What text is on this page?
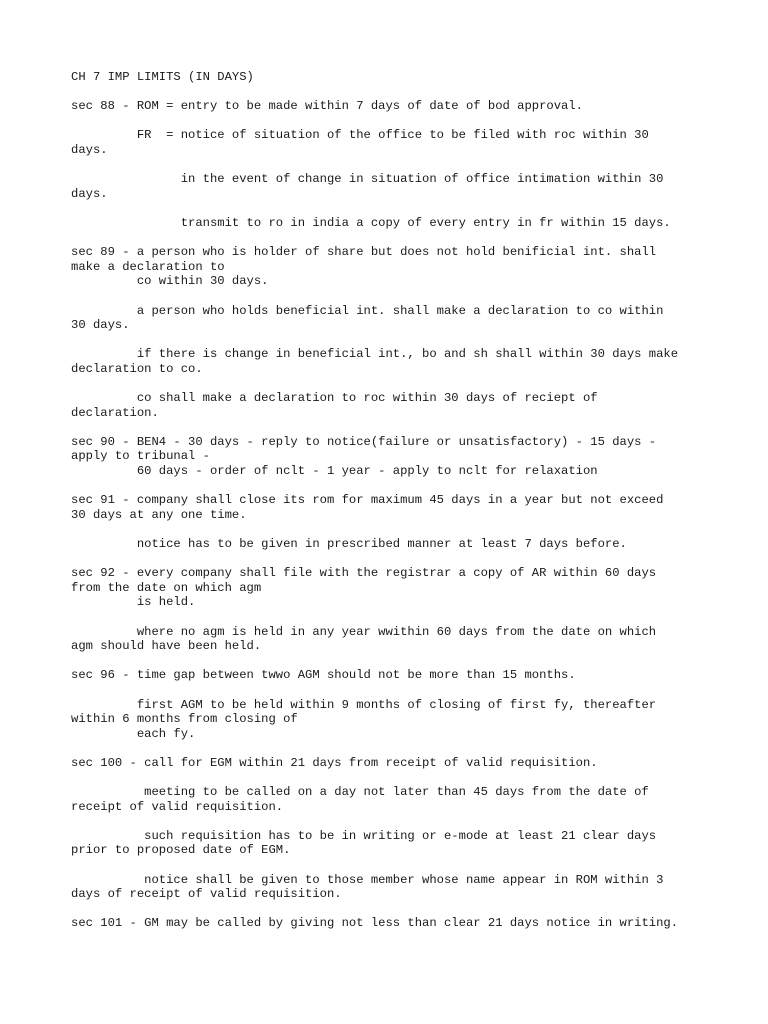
CH 7 IMP LIMITS (IN DAYS)
sec 88 - ROM = entry to be made within 7 days of date of bod approval.
FR  = notice of situation of the office to be filed with roc within 30
days.
in the event of change in situation of office intimation within 30
days.
transmit to ro in india a copy of every entry in fr within 15 days.
sec 89 - a person who is holder of share but does not hold benificial int. shall
make a declaration to
co within 30 days.
a person who holds beneficial int. shall make a declaration to co within
30 days.
if there is change in beneficial int., bo and sh shall within 30 days make
declaration to co.
co shall make a declaration to roc within 30 days of reciept of
declaration.
sec 90 - BEN4 - 30 days - reply to notice(failure or unsatisfactory) - 15 days -
apply to tribunal -
60 days - order of nclt - 1 year - apply to nclt for relaxation
sec 91 - company shall close its rom for maximum 45 days in a year but not exceed
30 days at any one time.
notice has to be given in prescribed manner at least 7 days before.
sec 92 - every company shall file with the registrar a copy of AR within 60 days
from the date on which agm
is held.
where no agm is held in any year wwithin 60 days from the date on which
agm should have been held.
sec 96 - time gap between twwo AGM should not be more than 15 months.
first AGM to be held within 9 months of closing of first fy, thereafter
within 6 months from closing of
each fy.
sec 100 - call for EGM within 21 days from receipt of valid requisition.
meeting to be called on a day not later than 45 days from the date of
receipt of valid requisition.
such requisition has to be in writing or e-mode at least 21 clear days
prior to proposed date of EGM.
notice shall be given to those member whose name appear in ROM within 3
days of receipt of valid requisition.
sec 101 - GM may be called by giving not less than clear 21 days notice in writing.
